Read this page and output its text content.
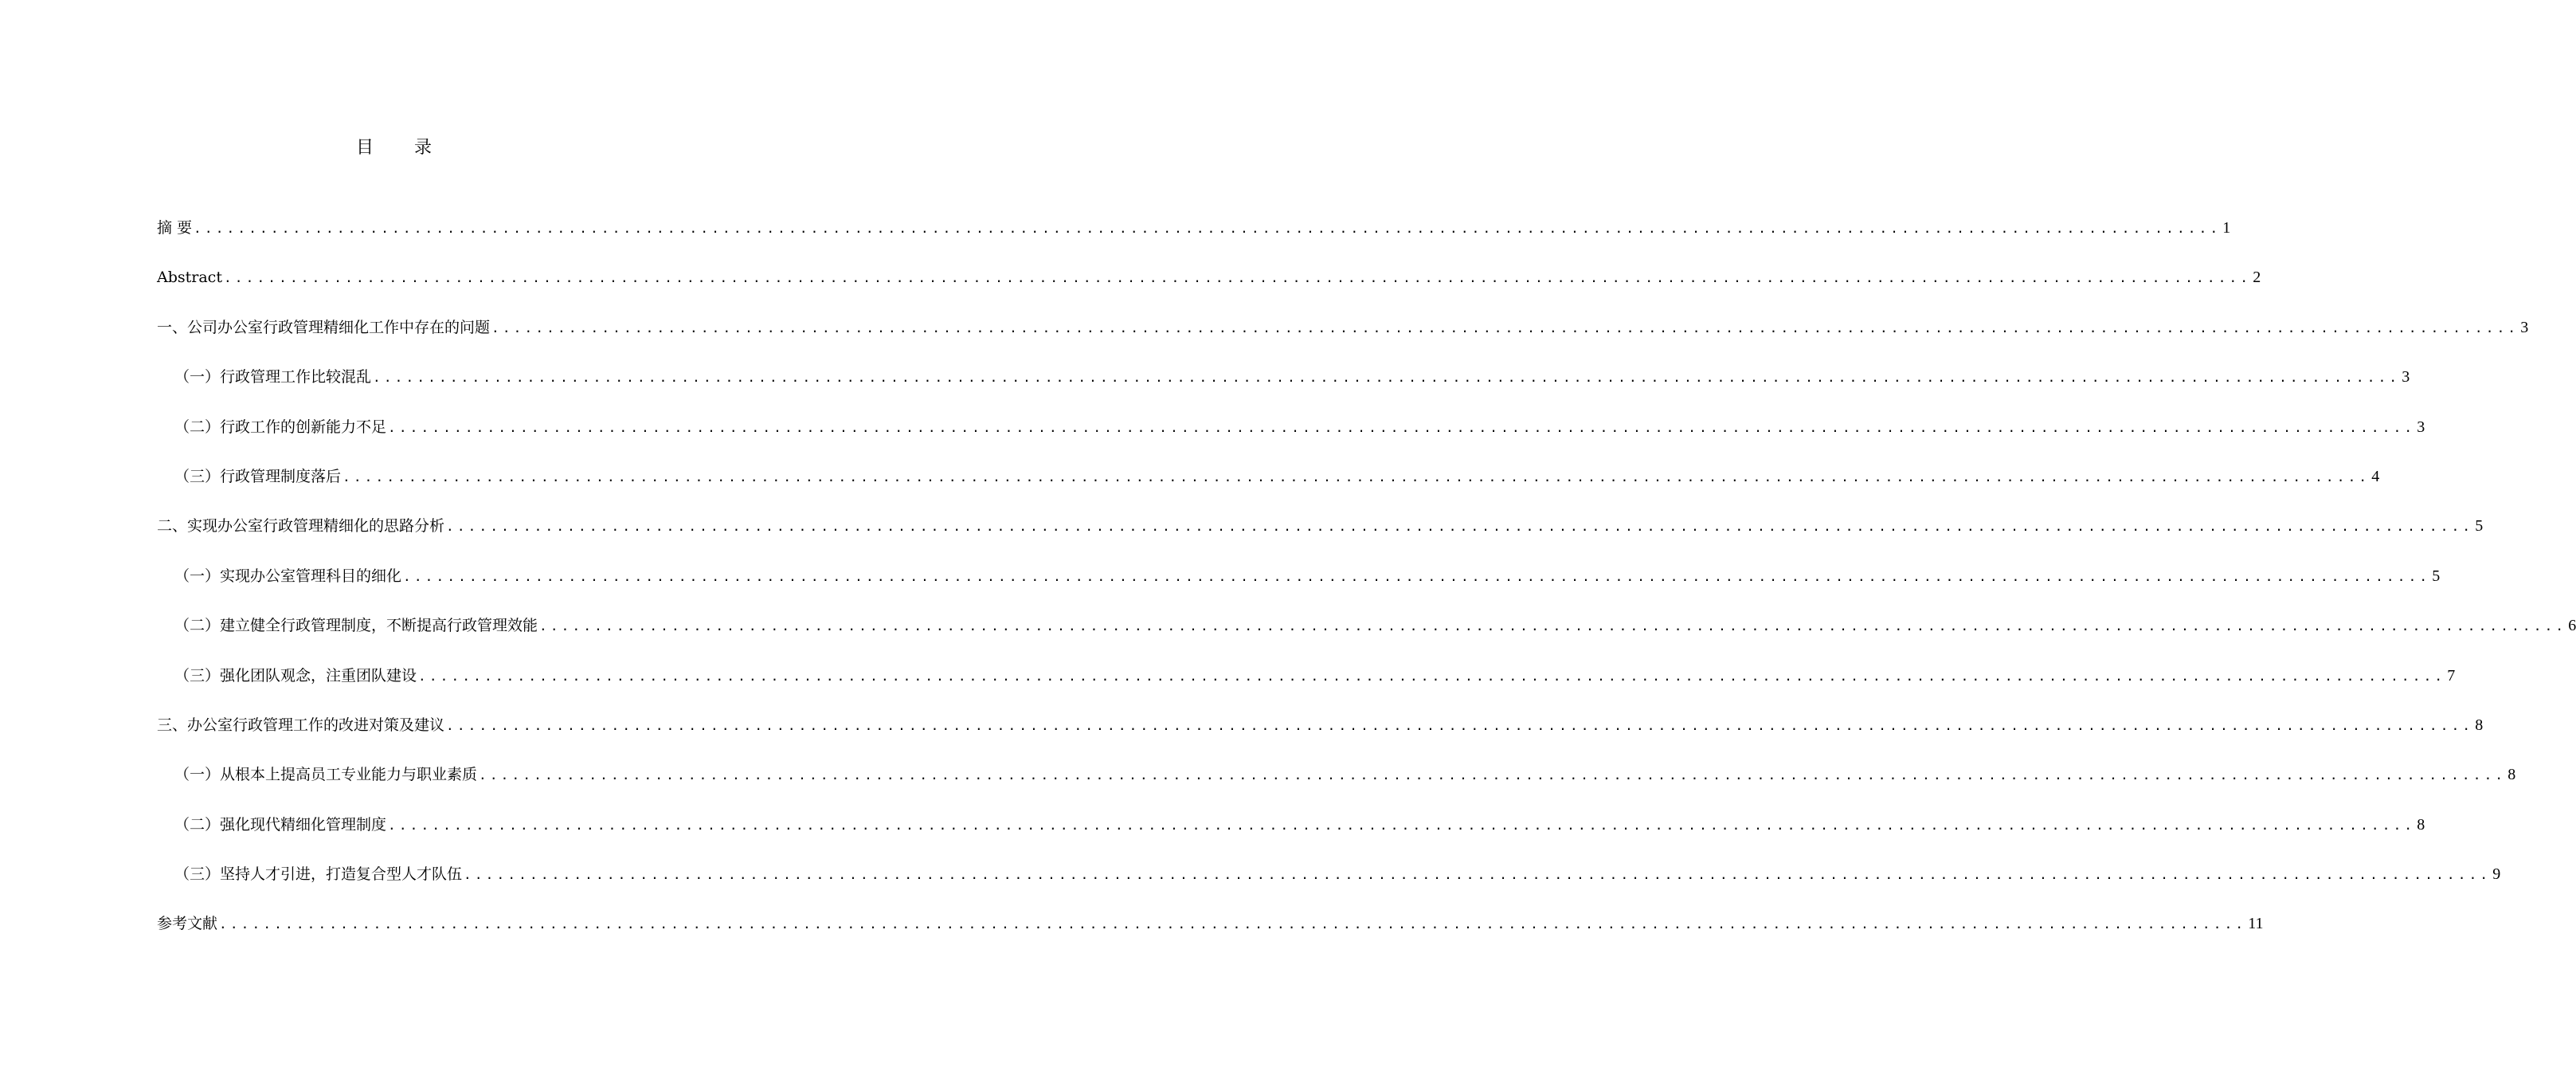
目 录
摘 要 ........................................................................................................................................................................................ 1
Abstract ........................................................................................................................................................................................ 2
一、公司办公室行政管理精细化工作中存在的问题 ........................................................................................................................................................................................ 3
（一）行政管理工作比较混乱 ........................................................................................................................................................................................ 3
（二）行政工作的创新能力不足 ........................................................................................................................................................................................ 3
（三）行政管理制度落后 ........................................................................................................................................................................................ 4
二、实现办公室行政管理精细化的思路分析 ........................................................................................................................................................................................ 5
（一）实现办公室管理科目的细化 ........................................................................................................................................................................................ 5
（二）建立健全行政管理制度，不断提高行政管理效能 ........................................................................................................................................................................................ 6
（三）强化团队观念，注重团队建设 ........................................................................................................................................................................................ 7
三、办公室行政管理工作的改进对策及建议 ........................................................................................................................................................................................ 8
（一）从根本上提高员工专业能力与职业素质 ........................................................................................................................................................................................ 8
（二）强化现代精细化管理制度 ........................................................................................................................................................................................ 8
（三）坚持人才引进，打造复合型人才队伍 ........................................................................................................................................................................................ 9
参考文献 ........................................................................................................................................................................................ 11
